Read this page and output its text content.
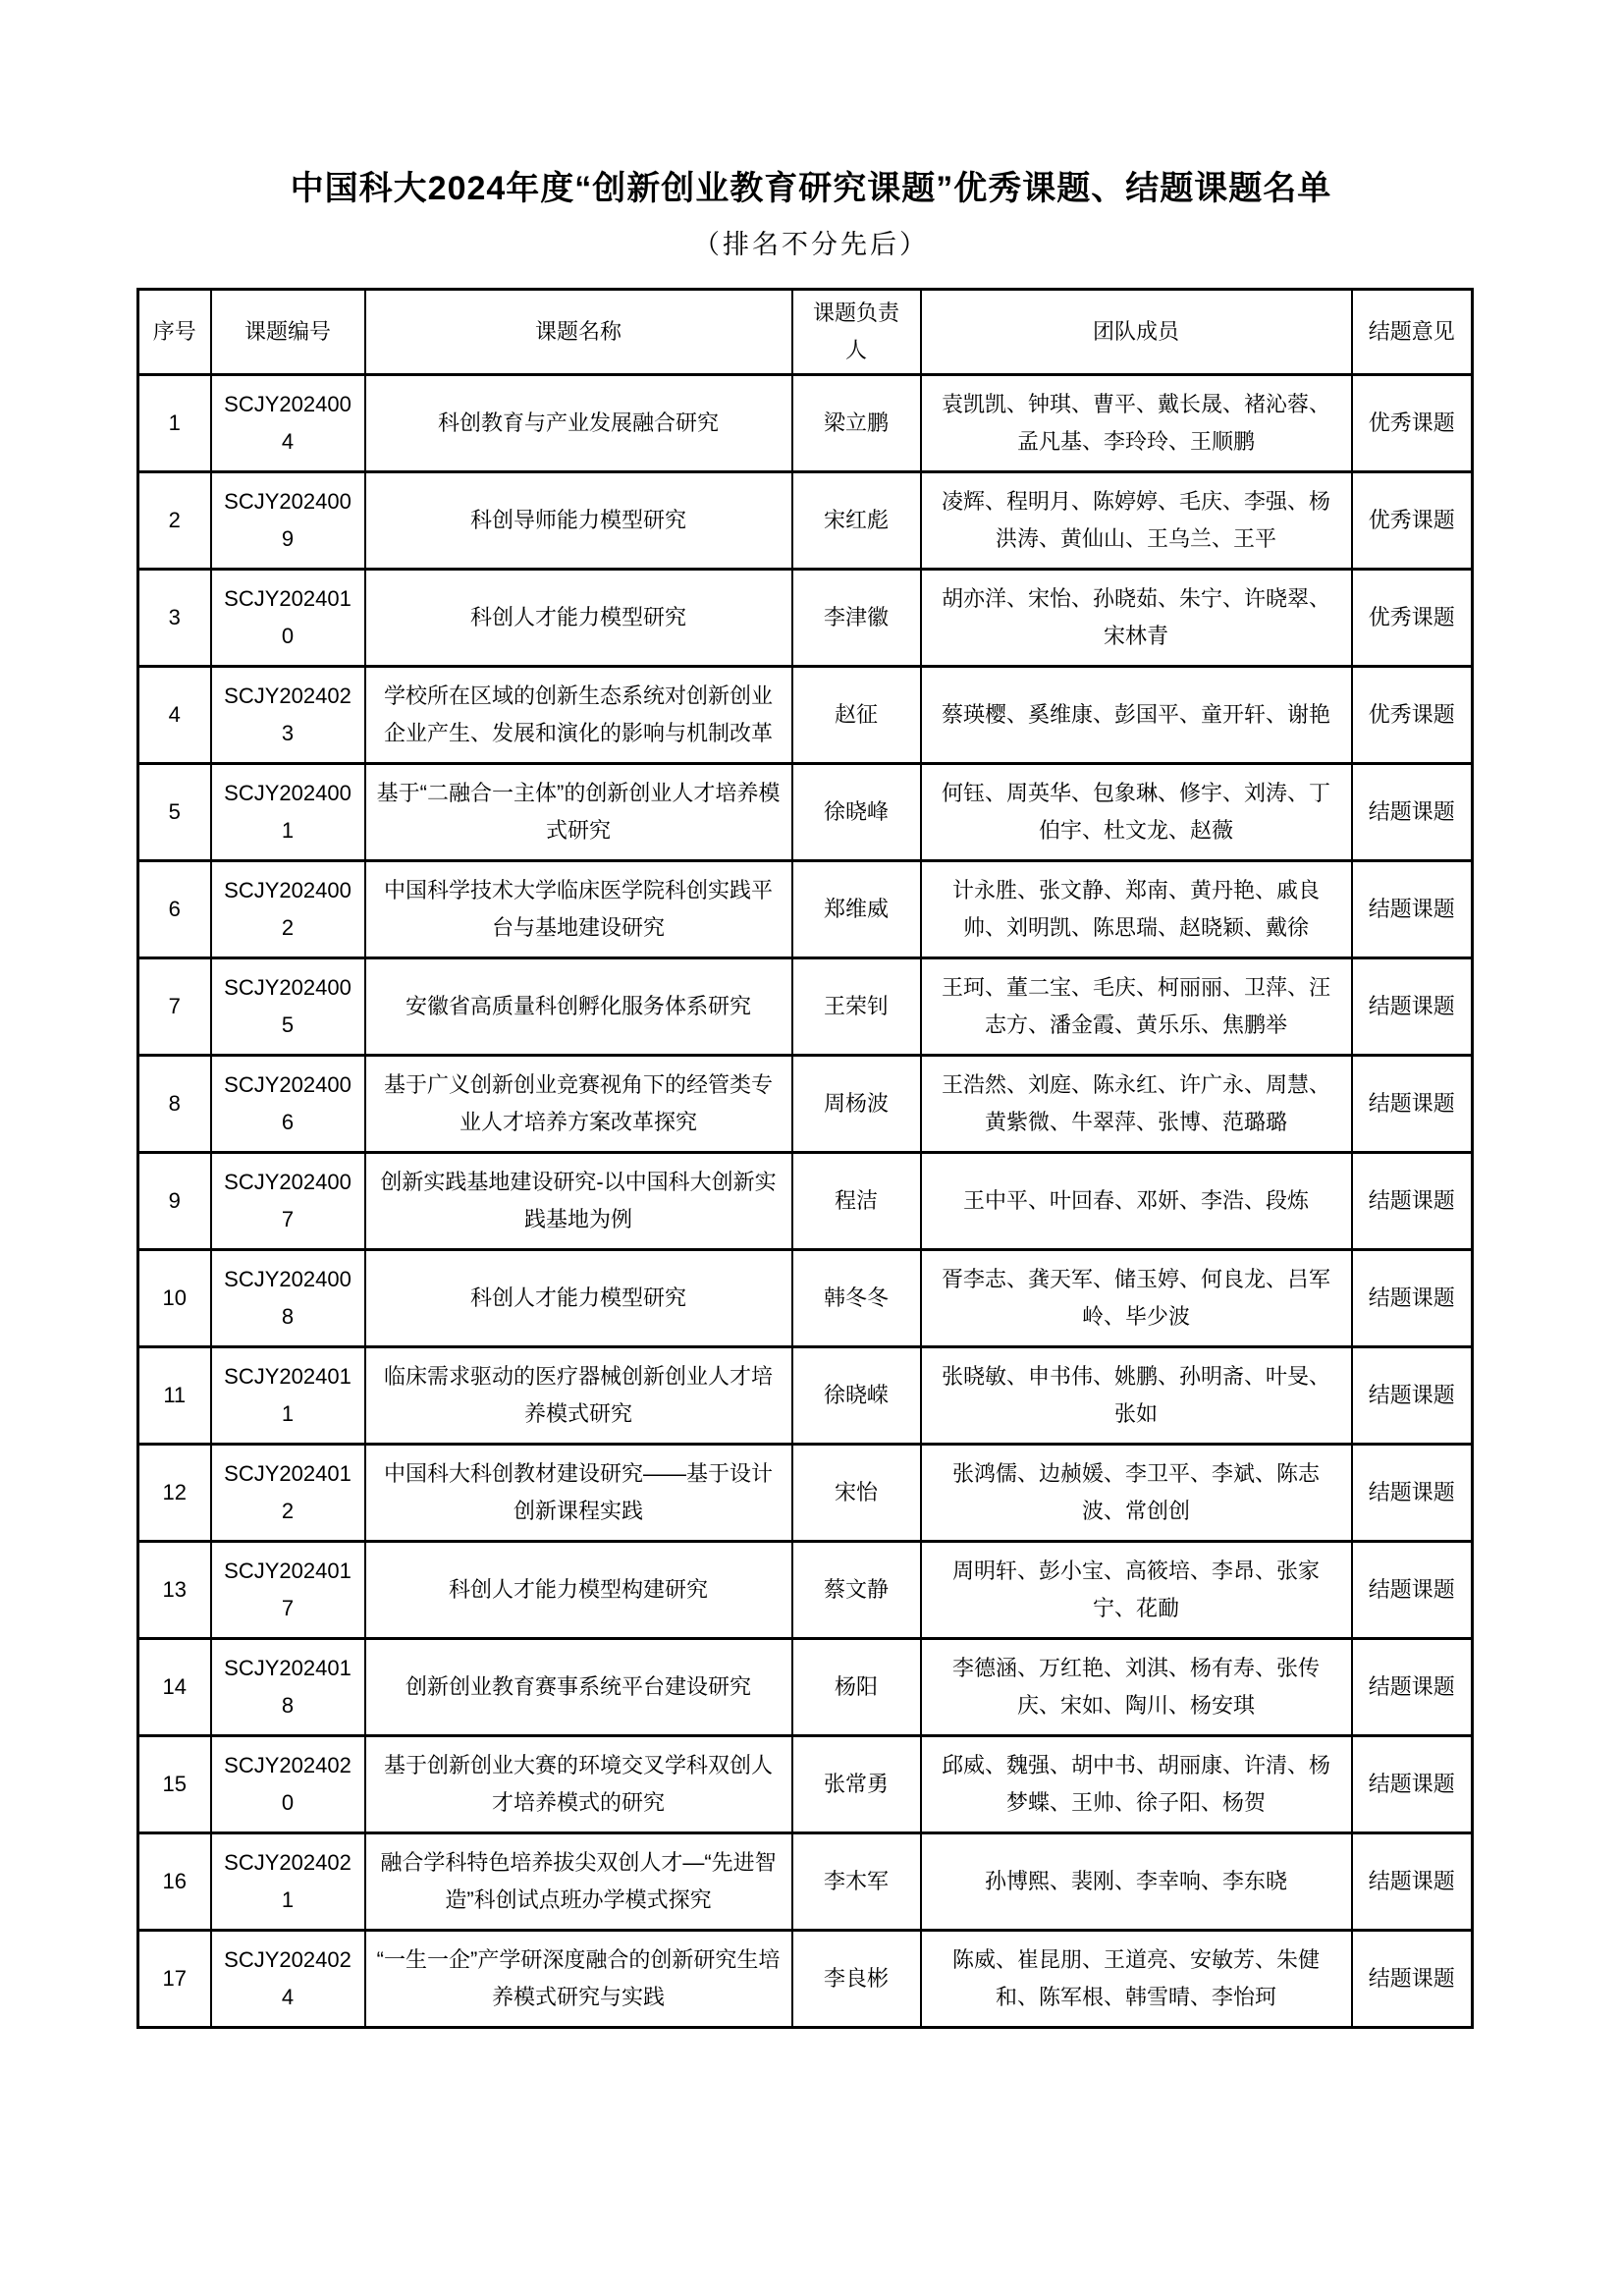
中国科大2024年度“创新创业教育研究课题”优秀课题、结题课题名单
（排名不分先后）
序号	课题编号	课题名称	课题负责人	团队成员	结题意见
1	SCJY2024004	科创教育与产业发展融合研究	梁立鹏	袁凯凯、钟琪、曹平、戴长晟、褚沁蓉、孟凡基、李玲玲、王顺鹏	优秀课题
2	SCJY2024009	科创导师能力模型研究	宋红彪	凌辉、程明月、陈婷婷、毛庆、李强、杨洪涛、黄仙山、王乌兰、王平	优秀课题
3	SCJY2024010	科创人才能力模型研究	李津徽	胡亦洋、宋怡、孙晓茹、朱宁、许晓翠、宋林青	优秀课题
4	SCJY2024023	学校所在区域的创新生态系统对创新创业企业产生、发展和演化的影响与机制改革	赵征	蔡瑛樱、奚维康、彭国平、童开轩、谢艳	优秀课题
5	SCJY2024001	基于“二融合一主体”的创新创业人才培养模式研究	徐晓峰	何钰、周英华、包象琳、修宇、刘涛、丁伯宇、杜文龙、赵薇	结题课题
6	SCJY2024002	中国科学技术大学临床医学院科创实践平台与基地建设研究	郑维威	计永胜、张文静、郑南、黄丹艳、戚良帅、刘明凯、陈思瑞、赵晓颖、戴徐	结题课题
7	SCJY2024005	安徽省高质量科创孵化服务体系研究	王荣钊	王珂、董二宝、毛庆、柯丽丽、卫萍、汪志方、潘金霞、黄乐乐、焦鹏举	结题课题
8	SCJY2024006	基于广义创新创业竞赛视角下的经管类专业人才培养方案改革探究	周杨波	王浩然、刘庭、陈永红、许广永、周慧、黄紫微、牛翠萍、张博、范璐璐	结题课题
9	SCJY2024007	创新实践基地建设研究-以中国科大创新实践基地为例	程洁	王中平、叶回春、邓妍、李浩、段炼	结题课题
10	SCJY2024008	科创人才能力模型研究	韩冬冬	胥李志、龚天军、储玉婷、何良龙、吕军岭、毕少波	结题课题
11	SCJY2024011	临床需求驱动的医疗器械创新创业人才培养模式研究	徐晓嵘	张晓敏、申书伟、姚鹏、孙明斋、叶旻、张如	结题课题
12	SCJY2024012	中国科大科创教材建设研究——基于设计创新课程实践	宋怡	张鸿儒、边赪媛、李卫平、李斌、陈志波、常创创	结题课题
13	SCJY2024017	科创人才能力模型构建研究	蔡文静	周明轩、彭小宝、高筱培、李昂、张家宁、花勔	结题课题
14	SCJY2024018	创新创业教育赛事系统平台建设研究	杨阳	李德涵、万红艳、刘淇、杨有寿、张传庆、宋如、陶川、杨安琪	结题课题
15	SCJY2024020	基于创新创业大赛的环境交叉学科双创人才培养模式的研究	张常勇	邱威、魏强、胡中书、胡丽康、许清、杨梦蝶、王帅、徐子阳、杨贺	结题课题
16	SCJY2024021	融合学科特色培养拔尖双创人才—“先进智造”科创试点班办学模式探究	李木军	孙博熙、裴刚、李幸响、李东晓	结题课题
17	SCJY2024024	“一生一企”产学研深度融合的创新研究生培养模式研究与实践	李良彬	陈威、崔昆朋、王道亮、安敏芳、朱健和、陈军根、韩雪晴、李怡珂	结题课题
